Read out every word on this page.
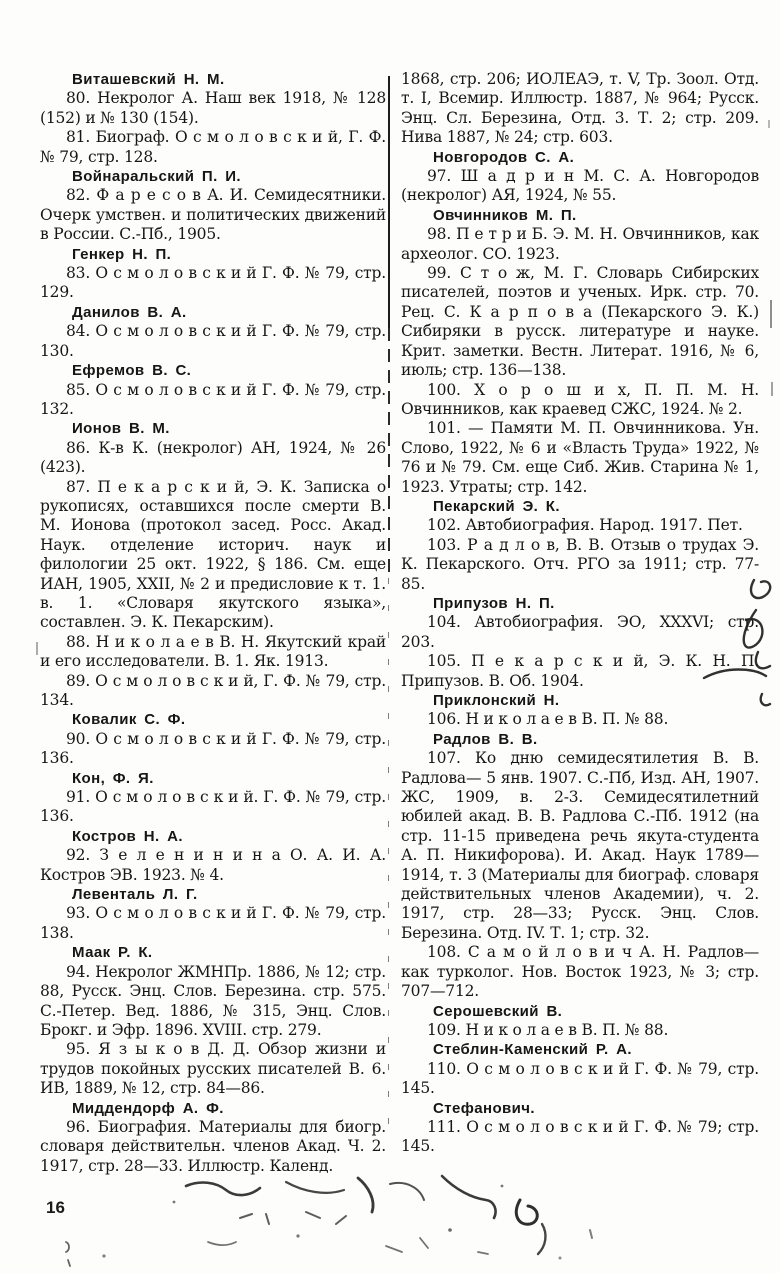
Виташевский Н. М.

80. Некролог А. Наш век 1918, № 128 (152) и № 130 (154).

81. Биограф. О с м о л о в с к и й, Г. Ф. № 79, стр. 128.

Войнаральский П. И.

82. Ф а р е с о в А. И. Семидесятники. Очерк умствен. и политических движений в России. С.-Пб., 1905.

Генкер Н. П.

83. О с м о л о в с к и й Г. Ф. № 79, стр. 129.

Данилов В. А.

84. О с м о л о в с к и й Г. Ф. № 79, стр. 130.

Ефремов В. С.

85. О с м о л о в с к и й Г. Ф. № 79, стр. 132.

Ионов В. М.

86. К-в К. (некролог) АН, 1924, № 26 (423).

87. П е к а р с к и й, Э. К. Записка о рукописях, оставшихся после смерти В. М. Ионова (протокол засед. Росс. Акад. Наук. отделение историч. наук и филологии 25 окт. 1922, § 186. См. еще ИАН, 1905, XXII, № 2 и предисловие к т. 1. в. 1. «Словаря якутского языка», составлен. Э. К. Пекарским).

88. Н и к о л а е в В. Н. Якутский край и его исследователи. В. 1. Як. 1913.

89. О с м о л о в с к и й, Г. Ф. № 79, стр. 134.

Ковалик С. Ф.

90. О с м о л о в с к и й Г. Ф. № 79, стр. 136.

Кон, Ф. Я.

91. О с м о л о в с к и й. Г. Ф. № 79, стр. 136.

Костров Н. А.

92. З е л е н и н и н а О. А. И. А. Костров ЭВ. 1923. № 4.

Левенталь Л. Г.

93. О с м о л о в с к и й Г. Ф. № 79, стр. 138.

Маак Р. К.

94. Некролог ЖМНПр. 1886, № 12; стр. 88, Русск. Энц. Слов. Березина. стр. 575. С.-Петер. Вед. 1886, № 315, Энц. Слов. Брокг. и Эфр. 1896. XVIII. стр. 279.

95. Я з ы к о в Д. Д. Обзор жизни и трудов покойных русских писателей В. 6. ИВ, 1889, № 12, стр. 84—86.

Миддендорф А. Ф.

96. Биография. Материалы для биогр. словаря действительн. членов Акад. Ч. 2. 1917, стр. 28—33. Иллюстр. Календ.

1868, стр. 206; ИОЛЕАЭ, т. V, Тр. Зоол. Отд. т. I, Всемир. Иллюстр. 1887, № 964; Русск. Энц. Сл. Березина, Отд. 3. Т. 2; стр. 209. Нива 1887, № 24; стр. 603.

Новгородов С. А.

97. Ш а д р и н М. С. А. Новгородов (некролог) АЯ, 1924, № 55.

Овчинников М. П.

98. П е т р и Б. Э. М. Н. Овчинников, как археолог. СО. 1923.

99. С т о ж, М. Г. Словарь Сибирских писателей, поэтов и ученых. Ирк. стр. 70. Рец. С. К а р п о в а (Пекарского Э. К.) Сибиряки в русск. литературе и науке. Крит. заметки. Вестн. Литерат. 1916, № 6, июль; стр. 136—138.

100. Х о р о ш и х, П. П. М. Н. Овчинников, как краевед СЖС, 1924. № 2.

101. — Памяти М. П. Овчинникова. Ун. Слово, 1922, № 6 и «Власть Труда» 1922, № 76 и № 79. См. еще Сиб. Жив. Старина № 1, 1923. Утраты; стр. 142.

Пекарский Э. К.

102. Автобиография. Народ. 1917. Пет.

103. Р а д л о в, В. В. Отзыв о трудах Э. К. Пекарского. Отч. РГО за 1911; стр. 77-85.

Припузов Н. П.

104. Автобиография. ЭО, XXXVI; стр. 203.

105. П е к а р с к и й, Э. К. Н. П. Припузов. В. Об. 1904.

Приклонский Н.

106. Н и к о л а е в В. П. № 88.

Радлов В. В.

107. Ко дню семидесятилетия В. В. Радлова— 5 янв. 1907. С.-Пб, Изд. АН, 1907. ЖС, 1909, в. 2-3. Семидесятилетний юбилей акад. В. В. Радлова С.-Пб. 1912 (на стр. 11-15 приведена речь якута-студента А. П. Никифорова). И. Акад. Наук 1789—1914, т. 3 (Материалы для биограф. словаря действительных членов Академии), ч. 2. 1917, стр. 28—33; Русск. Энц. Слов. Березина. Отд. IV. Т. 1; стр. 32.

108. С а м о й л о в и ч А. Н. Радлов— как турколог. Нов. Восток 1923, № 3; стр. 707—712.

Серошевский В.

109. Н и к о л а е в В. П. № 88.

Стеблин-Каменский Р. А.

110. О с м о л о в с к и й Г. Ф. № 79, стр. 145.

Стефанович.

111. О с м о л о в с к и й Г. Ф. № 79; стр. 145.

16
